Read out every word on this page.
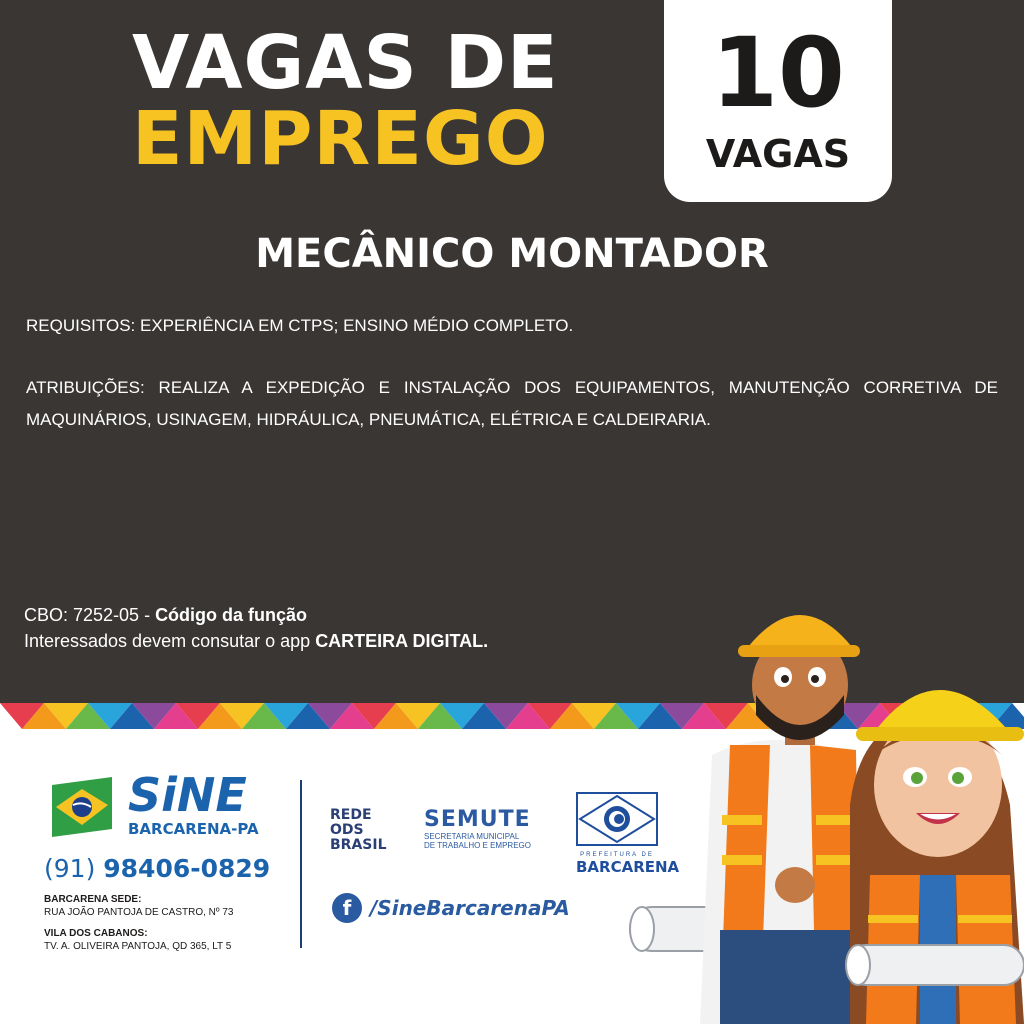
VAGAS DE
EMPREGO
10
VAGAS
MECÂNICO MONTADOR
REQUISITOS: EXPERIÊNCIA EM CTPS; ENSINO MÉDIO COMPLETO.
ATRIBUIÇÕES: REALIZA A EXPEDIÇÃO E INSTALAÇÃO DOS EQUIPAMENTOS, MANUTENÇÃO CORRETIVA DE MAQUINÁRIOS, USINAGEM, HIDRÁULICA, PNEUMÁTICA, ELÉTRICA E CALDEIRARIA.
CBO: 7252-05 - Código da função
Interessados devem consutar o app CARTEIRA DIGITAL.
SiNE
BARCARENA-PA
(91) 98406-0829
BARCARENA SEDE:
RUA JOÃO PANTOJA DE CASTRO, Nº 73
VILA DOS CABANOS:
TV. A. OLIVEIRA PANTOJA, QD 365, LT 5
REDE
ODS
BRASIL
SEMUTE
SECRETARIA MUNICIPAL
DE TRABALHO E EMPREGO
PREFEITURA DE
BARCARENA
f /SineBarcarenaPA
